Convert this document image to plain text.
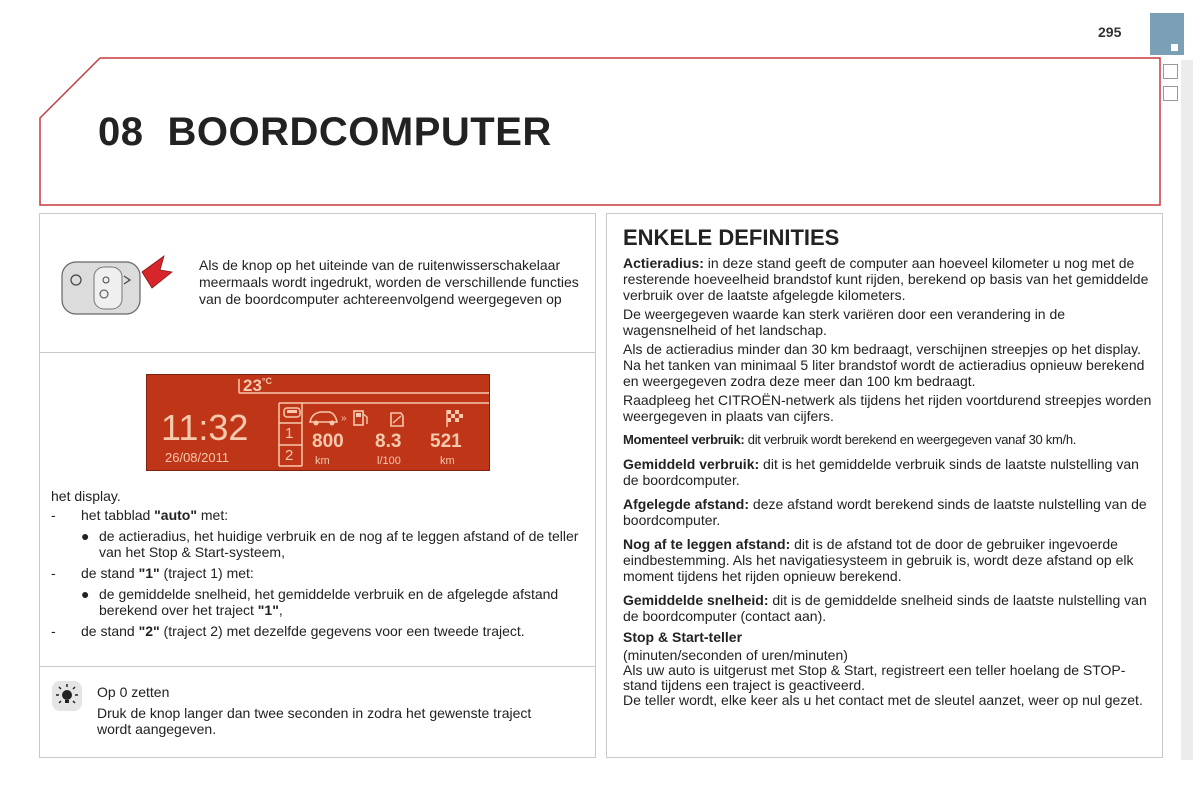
295
08 BOORDCOMPUTER
Als de knop op het uiteinde van de ruitenwisserschakelaar meermaals wordt ingedrukt, worden de verschillende functies van de boordcomputer achtereenvolgend weergegeven op
»
$23^{^\circ C}$
11:32
26/08/2011
1
2
800
km
8.3
l/100
521
km

het display.

- het tabblad "auto" met:
● de actieradius, het huidige verbruik en de nog af te leggen afstand of de teller van het Stop & Start-systeem,
- de stand "1" (traject 1) met:
● de gemiddelde snelheid, het gemiddelde verbruik en de afgelegde afstand berekend over het traject "1",
- de stand "2" (traject 2) met dezelfde gegevens voor een tweede traject.

Op 0 zetten

Druk de knop langer dan twee seconden in zodra het gewenste traject wordt aangegeven.

ENKELE DEFINITIES

Actieradius: in deze stand geeft de computer aan hoeveel kilometer u nog met de resterende hoeveelheid brandstof kunt rijden, berekend op basis van het gemiddelde verbruik over de laatste afgelegde kilometers.

De weergegeven waarde kan sterk variëren door een verandering in de wagensnelheid of het landschap.

Als de actieradius minder dan 30 km bedraagt, verschijnen streepjes op het display. Na het tanken van minimaal 5 liter brandstof wordt de actieradius opnieuw berekend en weergegeven zodra deze meer dan 100 km bedraagt.

Raadpleeg het CITROËN-netwerk als tijdens het rijden voortdurend streepjes worden weergegeven in plaats van cijfers.

Momenteel verbruik: dit verbruik wordt berekend en weergegeven vanaf 30 km/h.

Gemiddeld verbruik: dit is het gemiddelde verbruik sinds de laatste nulstelling van de boordcomputer.

Afgelegde afstand: deze afstand wordt berekend sinds de laatste nulstelling van de boordcomputer.

Nog af te leggen afstand: dit is de afstand tot de door de gebruiker ingevoerde eindbestemming. Als het navigatiesysteem in gebruik is, wordt deze afstand op elk moment tijdens het rijden opnieuw berekend.

Gemiddelde snelheid: dit is de gemiddelde snelheid sinds de laatste nulstelling van de boordcomputer (contact aan).

Stop & Start-teller

(minuten/seconden of uren/minuten)

Als uw auto is uitgerust met Stop & Start, registreert een teller hoelang de STOP-stand tijdens een traject is geactiveerd.

De teller wordt, elke keer als u het contact met de sleutel aanzet, weer op nul gezet.
